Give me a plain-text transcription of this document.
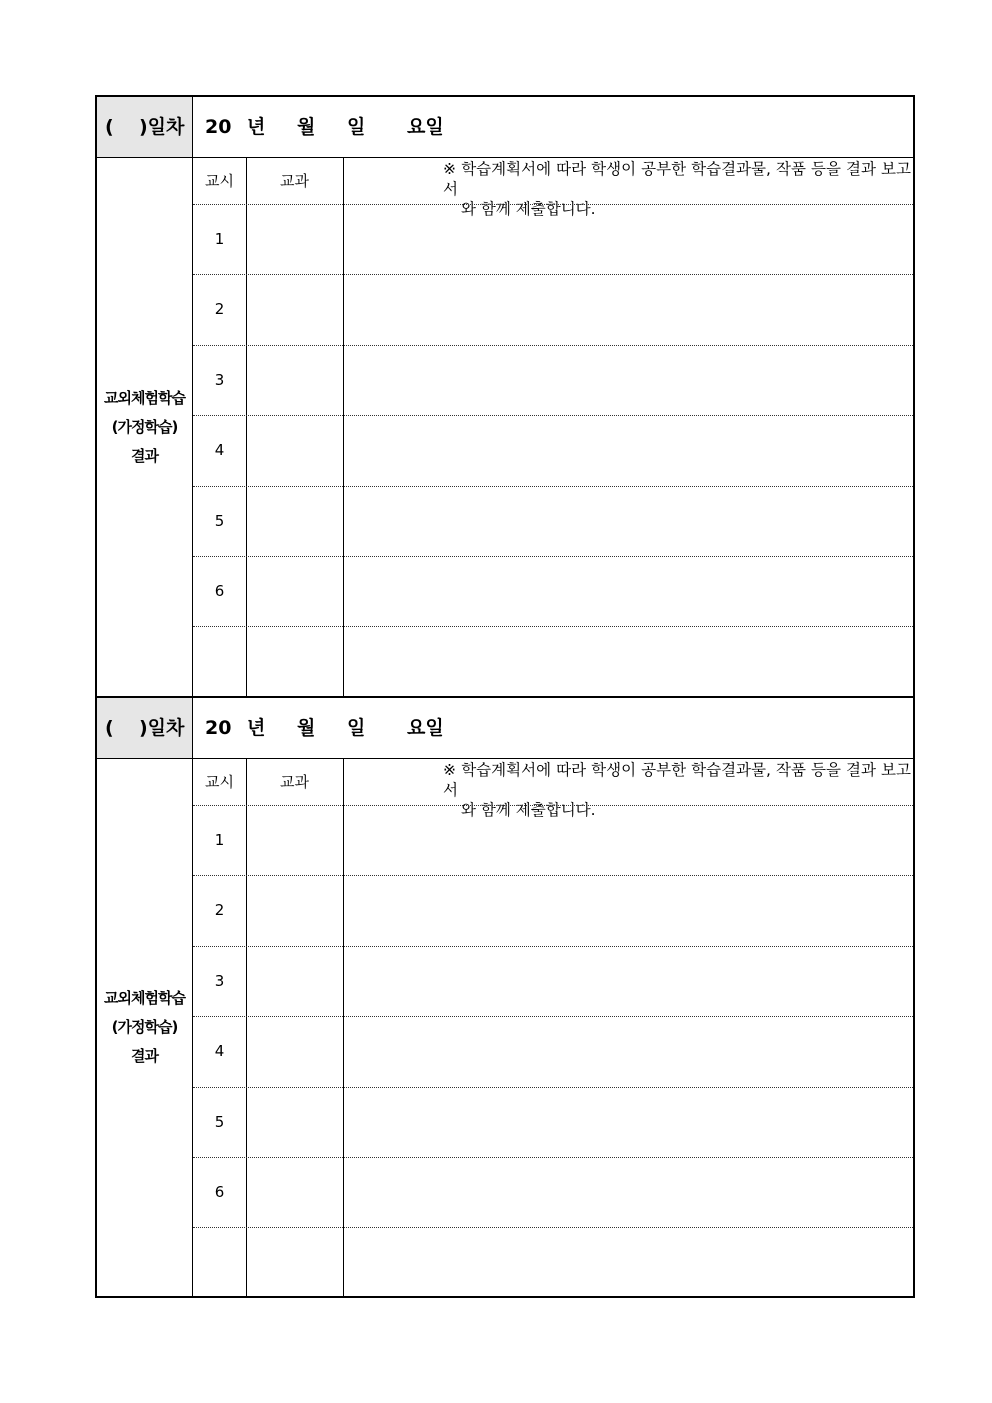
( )일차 20 년 월 일 요일
교외체험학습
(가정학습)
결과
교시	교과
※ 학습계획서에 따라 학생이 공부한 학습결과물, 작품 등을 결과 보고서
와 함께 제출합니다.
1
2
3
4
5
6
( )일차 20 년 월 일 요일
교외체험학습
(가정학습)
결과
교시	교과
※ 학습계획서에 따라 학생이 공부한 학습결과물, 작품 등을 결과 보고서
와 함께 제출합니다.
1
2
3
4
5
6
